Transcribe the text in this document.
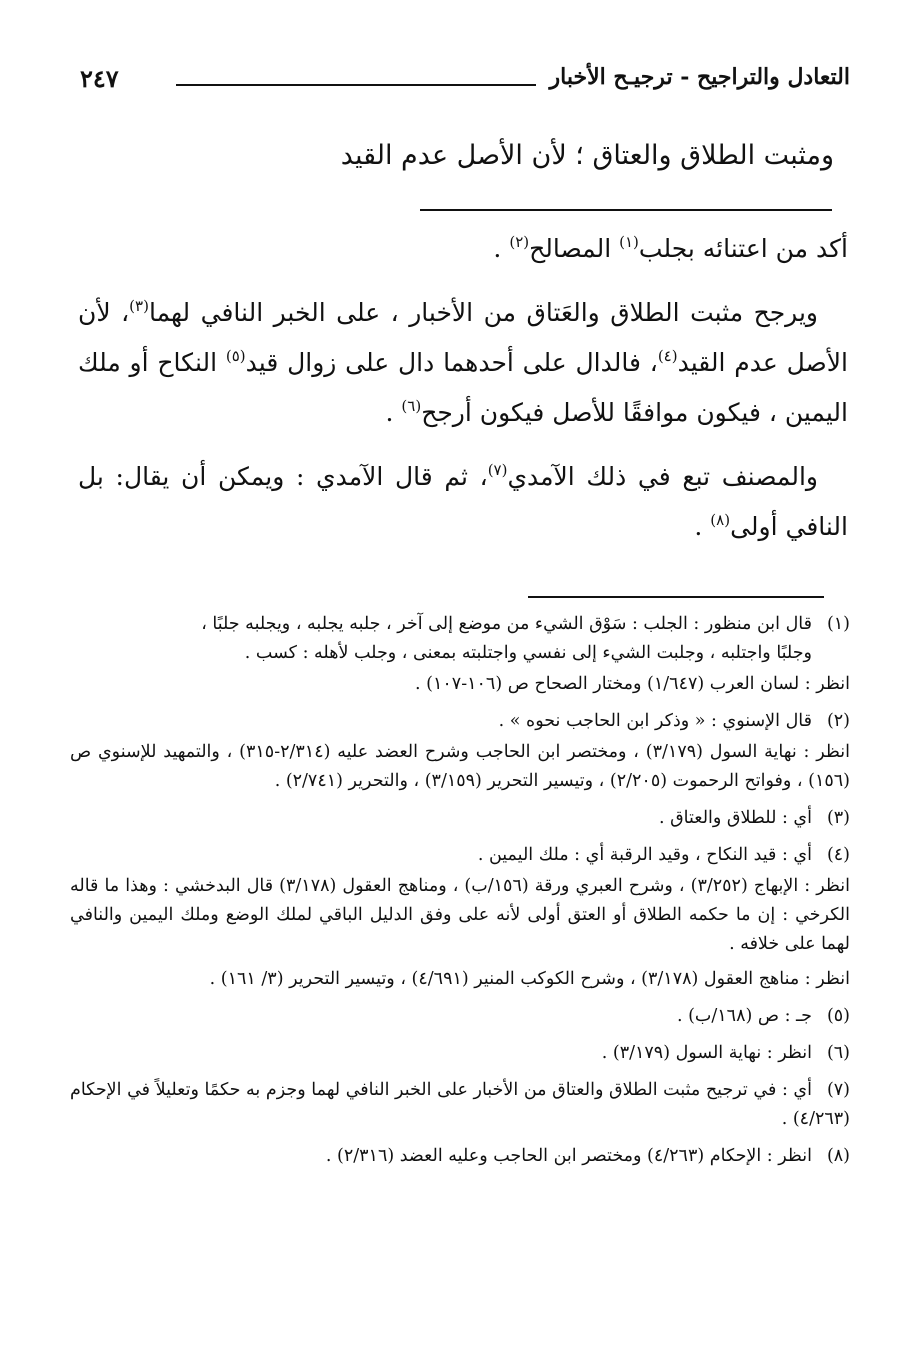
التعادل والتراجيح - ترجيـح الأخبار
٢٤٧
ومثبت الطلاق والعتاق ؛ لأن الأصل عدم القيد

أكد من اعتنائه بجلب$^{(١)}$ المصالح$^{(٢)}$ .

ويرجح مثبت الطلاق والعَتاق من الأخبار ، على الخبر النافي لهما$^{(٣)}$، لأن الأصل عدم القيد$^{(٤)}$، فالدال على أحدهما دال على زوال قيد$^{(٥)}$ النكاح أو ملك اليمين ، فيكون موافقًا للأصل فيكون أرجح$^{(٦)}$ .

والمصنف تبع في ذلك الآمدي$^{(٧)}$، ثم قال الآمدي : ويمكن أن يقال: بل النافي أولى$^{(٨)}$ .

(١)قال ابن منظور : الجلب : سَوْق الشيء من موضع إلى آخر ، جلبه يجلبه ، ويجلبه جلبًا ،
وجلبًا واجتلبه ، وجلبت الشيء إلى نفسي واجتلبته بمعنى ، وجلب لأهله : كسب .
انظر : لسان العرب (١/٦٤٧) ومختار الصحاح ص (١٠٦-١٠٧) .
(٢)قال الإسنوي : « وذكر ابن الحاجب نحوه » .
انظر : نهاية السول (٣/١٧٩) ، ومختصر ابن الحاجب وشرح العضد عليه (٢/٣١٤-٣١٥) ، والتمهيد للإسنوي ص (١٥٦) ، وفواتح الرحموت (٢/٢٠٥) ، وتيسير التحرير (٣/١٥٩) ، والتحرير (٢/٧٤١) .
(٣)أي : للطلاق والعتاق .
(٤)أي : قيد النكاح ، وقيد الرقبة أي : ملك اليمين .
انظر : الإبهاج (٣/٢٥٢) ، وشرح العبري ورقة (١٥٦/ب) ، ومناهج العقول (٣/١٧٨) قال البدخشي : وهذا ما قاله الكرخي : إن ما حكمه الطلاق أو العتق أولى لأنه على وفق الدليل الباقي لملك الوضع وملك اليمين والنافي لهما على خلافه .
انظر : مناهج العقول (٣/١٧٨) ، وشرح الكوكب المنير (٤/٦٩١) ، وتيسير التحرير (٣/ ١٦١) .
(٥)جـ : ص (١٦٨/ب) .
(٦)انظر : نهاية السول (٣/١٧٩) .
(٧)أي : في ترجيح مثبت الطلاق والعتاق من الأخبار على الخبر النافي لهما وجزم به حكمًا وتعليلاً في الإحكام (٤/٢٦٣) .
(٨)انظر : الإحكام (٤/٢٦٣) ومختصر ابن الحاجب وعليه العضد (٢/٣١٦) .
